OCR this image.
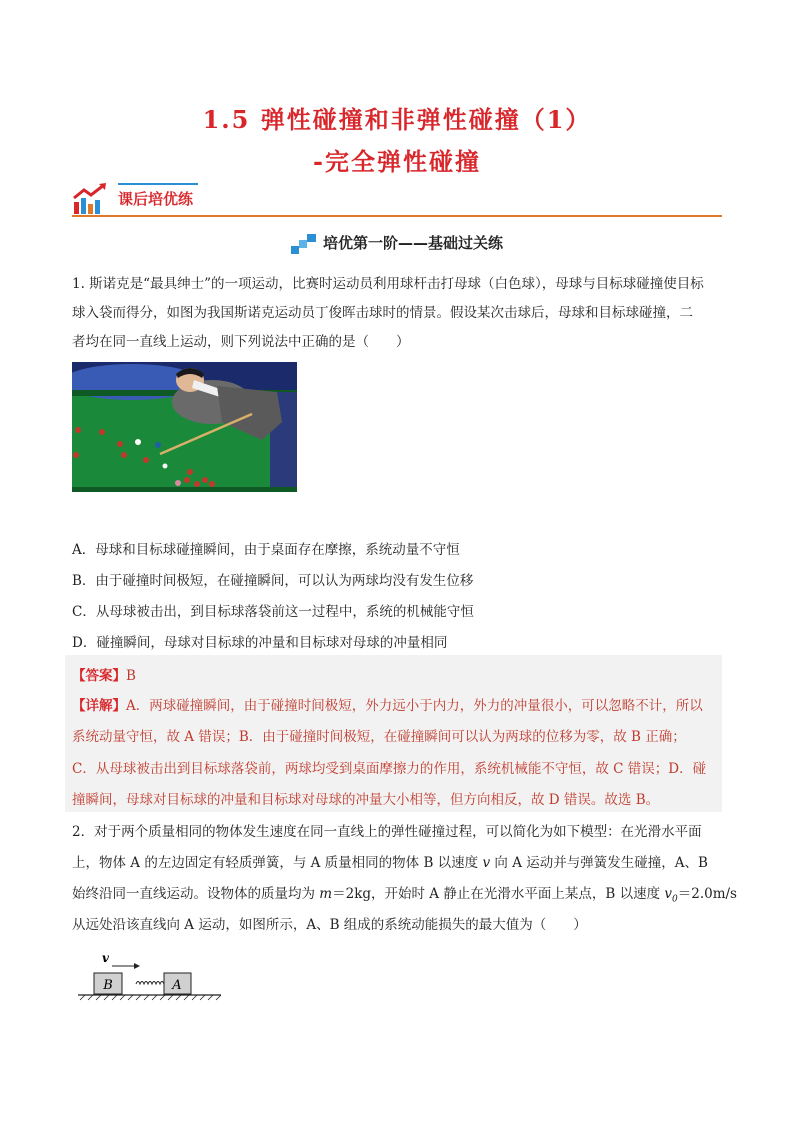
1.5 弹性碰撞和非弹性碰撞（1）
-完全弹性碰撞
课后培优练
培优第一阶——基础过关练
1. 斯诺克是“最具绅士”的一项运动，比赛时运动员利用球杆击打母球（白色球），母球与目标球碰撞使目标
球入袋而得分，如图为我国斯诺克运动员丁俊晖击球时的情景。假设某次击球后，母球和目标球碰撞，二
者均在同一直线上运动，则下列说法中正确的是（　　）
A．母球和目标球碰撞瞬间，由于桌面存在摩擦，系统动量不守恒
B．由于碰撞时间极短，在碰撞瞬间，可以认为两球均没有发生位移
C．从母球被击出，到目标球落袋前这一过程中，系统的机械能守恒
D．碰撞瞬间，母球对目标球的冲量和目标球对母球的冲量相同
【答案】B
【详解】A．两球碰撞瞬间，由于碰撞时间极短，外力远小于内力，外力的冲量很小，可以忽略不计，所以
系统动量守恒，故 A 错误；B．由于碰撞时间极短，在碰撞瞬间可以认为两球的位移为零，故 B 正确；
C．从母球被击出到目标球落袋前，两球均受到桌面摩擦力的作用，系统机械能不守恒，故 C 错误；D．碰
撞瞬间，母球对目标球的冲量和目标球对母球的冲量大小相等，但方向相反，故 D 错误。故选 B。
2．对于两个质量相同的物体发生速度在同一直线上的弹性碰撞过程，可以简化为如下模型：在光滑水平面
上，物体 A 的左边固定有轻质弹簧，与 A 质量相同的物体 B 以速度 v 向 A 运动并与弹簧发生碰撞，A、B
始终沿同一直线运动。设物体的质量均为 m＝2kg，开始时 A 静止在光滑水平面上某点，B 以速度 $v_0=2.0m/s$
从远处沿该直线向 A 运动，如图所示，A、B 组成的系统动能损失的最大值为（　　）
v
B	A
